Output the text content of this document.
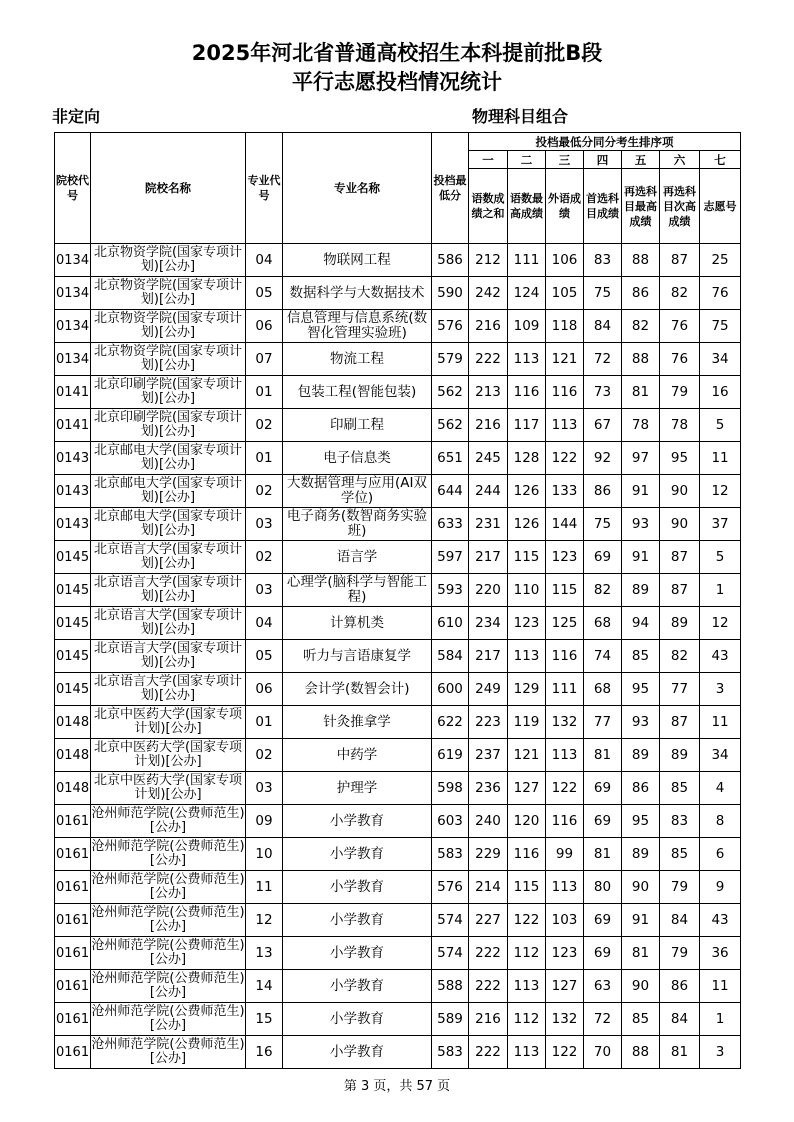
2025年河北省普通高校招生本科提前批B段
平行志愿投档情况统计
非定向	物理科目组合
院校代号	院校名称	专业代号	专业名称	投档最低分	投档最低分同分考生排序项						
					一	二	三	四	五	六	七
					语数成绩之和	语数最高成绩	外语成绩	首选科目成绩	再选科目最高成绩	再选科目次高成绩	志愿号
0134	北京物资学院(国家专项计划)[公办]	04	物联网工程	586	212	111	106	83	88	87	25
0134	北京物资学院(国家专项计划)[公办]	05	数据科学与大数据技术	590	242	124	105	75	86	82	76
0134	北京物资学院(国家专项计划)[公办]	06	信息管理与信息系统(数智化管理实验班)	576	216	109	118	84	82	76	75
0134	北京物资学院(国家专项计划)[公办]	07	物流工程	579	222	113	121	72	88	76	34
0141	北京印刷学院(国家专项计划)[公办]	01	包装工程(智能包装)	562	213	116	116	73	81	79	16
0141	北京印刷学院(国家专项计划)[公办]	02	印刷工程	562	216	117	113	67	78	78	5
0143	北京邮电大学(国家专项计划)[公办]	01	电子信息类	651	245	128	122	92	97	95	11
0143	北京邮电大学(国家专项计划)[公办]	02	大数据管理与应用(AI双学位)	644	244	126	133	86	91	90	12
0143	北京邮电大学(国家专项计划)[公办]	03	电子商务(数智商务实验班)	633	231	126	144	75	93	90	37
0145	北京语言大学(国家专项计划)[公办]	02	语言学	597	217	115	123	69	91	87	5
0145	北京语言大学(国家专项计划)[公办]	03	心理学(脑科学与智能工程)	593	220	110	115	82	89	87	1
0145	北京语言大学(国家专项计划)[公办]	04	计算机类	610	234	123	125	68	94	89	12
0145	北京语言大学(国家专项计划)[公办]	05	听力与言语康复学	584	217	113	116	74	85	82	43
0145	北京语言大学(国家专项计划)[公办]	06	会计学(数智会计)	600	249	129	111	68	95	77	3
0148	北京中医药大学(国家专项计划)[公办]	01	针灸推拿学	622	223	119	132	77	93	87	11
0148	北京中医药大学(国家专项计划)[公办]	02	中药学	619	237	121	113	81	89	89	34
0148	北京中医药大学(国家专项计划)[公办]	03	护理学	598	236	127	122	69	86	85	4
0161	沧州师范学院(公费师范生)[公办]	09	小学教育	603	240	120	116	69	95	83	8
0161	沧州师范学院(公费师范生)[公办]	10	小学教育	583	229	116	99	81	89	85	6
0161	沧州师范学院(公费师范生)[公办]	11	小学教育	576	214	115	113	80	90	79	9
0161	沧州师范学院(公费师范生)[公办]	12	小学教育	574	227	122	103	69	91	84	43
0161	沧州师范学院(公费师范生)[公办]	13	小学教育	574	222	112	123	69	81	79	36
0161	沧州师范学院(公费师范生)[公办]	14	小学教育	588	222	113	127	63	90	86	11
0161	沧州师范学院(公费师范生)[公办]	15	小学教育	589	216	112	132	72	85	84	1
0161	沧州师范学院(公费师范生)[公办]	16	小学教育	583	222	113	122	70	88	81	3
第 3 页，共 57 页
